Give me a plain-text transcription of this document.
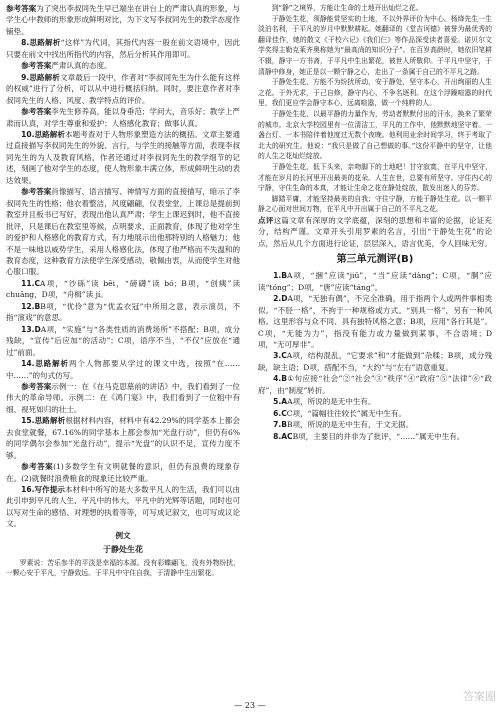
参考答案为了突出李叔同先生早已端坐在讲台上的严肃认真的形象，与学生心中教师的形象形成鲜明对比，为下文写李叔同先生的教学态度作铺垫。

8.思路解析“这样”为代词，其指代内容一般在前文语境中，因此只要在前文中找出所指代的内容，然后分析其作用即可。

参考答案严肃认真的态度。

9.思路解析文章最后一段中，作者对“李叔同先生为什么能有这样的权威”进行了分析，可以从中进行概括归纳。同时，要注意作者对李叔同先生的人格、风度、教学特点的评价。

参考答案李先生修养高，能以身垂范；学问大，音乐好；教学上严肃而认真，对学生尊重和爱护；人格感化教育；做事认真。

10.思路解析本题考查对于人物形象塑造方法的概括。文章主要通过直接描写李叔同先生的外貌、言行，与学生的接触等方面，表现李叔同先生的为人及教育风格，作者还通过对李叔同先生的教学细节的记述，刻画了他对学生的态度，使人物形象丰满立体，形成鲜明生动的表达效果。

参考答案肖像描写、语言描写、神情写方面的直接描写，暗示了李叔同先生的性格；他衣着整洁，风度翩翩，仪表堂堂，上课总是提前到教室并且板书已写好，表现出他认真严肃；学生上课迟到时，他不直接批评，只是课后在教室里等候，点明要求，正面教育，体现了他对学生的爱护和人格感化的教育方式，有力地展示出他那特别的人格魅力；他不是一味地以威势学生，采用人格感化法，体现了他严格而不失温和的教育态度，这种教育方法使学生深受感动，敬佩由衷，从而使学生对他心服口服。

11.CA项，“沙砾”读 bēi，“磅礴”读 bó；B项，“创痍”读 chuāng，D项，“舟楫”读 jí。

12.BB项，“优伶”意为“优孟衣冠”中所用之意，表示演员，不指“演戏”的意思。

13.DA项，“实施”与“各类性质的消费场所”不搭配；B项，成分残缺，“宣传”后应加“的活动”；C项，语序不当，“不仅”应放在“通过”前面。

14.思路解析两个人物都要从学过的课文中选，按照“在……中……”的句式仿写。

参考答案示例一：在《在马克思墓前的讲话》中，我们看到了一位伟大的革命导师。示例二：在《鸿门宴》中，我们看到了一位粗中有细、视死如归的壮士。

15.思路解析根据材料内容，材料中有42.29%的同学基本上都会去食堂就餐，67.16%的同学基本上都会参加“光盘行动”，但仍有6%的同学偶尔会参加“光盘行动”，提示“光盘”的认识不足，宣传力度不够。

参考答案(1)多数学生有文明就餐的意识，但仍有浪费的现象存在。(2)就餐时浪费粮食的现象还比较严重。

16.写作提示本材料中所写的是大多数平凡人的生活，我们可以由此引申到平凡的人生、平凡中的伟大，平凡中的光辉等话题，同时也可以写对生命的感悟、对理想的执着等等，可写成记叙文，也可写成议论文。

例文

于静处生花

罗素说：苦乐参半的平淡是幸福的本源。没有彩蝶翩飞，没有外物纷扰，一颗心安于平凡，宁静致远。于平凡中守住自我，于清静中生出繁花。

到“静”之境界，方能让生命的土地开出灿烂之花。

于静处生花，须静能赏坚实的土地，不以外界评价为中心。杨绛先生一生淡泊名利，于平凡的岁月中默默耕耘。她翻译的《堂吉诃德》被誉为最优秀的翻译佳作，她的散文《干校六记》《我们仨》等作品深受读者喜爱。诺贝尔文学奖得主勒克莱齐奥称她为“最高尚的知识分子”。在百岁高龄时，她依旧笔耕不辍，静守一方书斋，于平凡中生出繁花，被世人所敬仰。于平凡中坚守，于清静中修身，她正是以一颗宁静之心，走出了一条属于自己的不平凡之路。

于静处生花，方能不为纷扰所动，安于静处，坚守本心，开出绚丽的人生之花。于外无求，于己自修，静守内心，不争名逐利。在这个浮躁喧嚣的时代里，我们更应学会静守本心，远离喧嚣，做一个纯粹的人。

于静处生花，以最平静的力量作为，劳动者默默付出的汗水，换来了繁荣的城市。北京大学校园里有一位清洁工，平凡的工作中，他默默地坚守着。一盏台灯、一本书陪伴着他度过无数个夜晚。他利用业余时间学习，终于考取了北大的研究生。他说：“我只是做了自己想做的事。”这份平静中的坚守，让他的人生之花灿烂绽放。

于静处生花，低下头来，亲吻脚下的土地吧！甘守寂寞，在平凡中坚守，才能在岁月的长河里开出最美的花朵。人生在世，总要有所坚守。守住内心的宁静，守住生命的本真，才能让生命之花在静处绽放，散发出迷人的芬芳。

脚踏平庸，才能坚持最美的自我；守住宁静，方能于静处生花。以一颗平静之心面对世间万物，在平凡中开出属于自己的不平凡之花。

点评这篇文章有深厚的文学底蕴，深刻的思想和丰富的论据，论证充分，结构严谨。文章开头引用罗素的名言，引出“于静处生花”的论点，然后从几个方面进行论证，层层深入，语言优美，令人回味无穷。

第三单元测评(B)

1.BA项，“捆”应读“jiǔ”，“当”应读“dàng”；C项，“胴”应读“tóng”；D项，“唐”应读“táng”。

2.DA项，“无独有偶”，不完全准确，用于指两个人或两件事相类似。“不胫一格”，不拘于一种规格或方式。“别具一格”，另有一种风格。这里形容与众不同、具有独特风格之意；B项，应用“各行其是”。C项，“无能为力”，指没有能力或力量做到某事，不合语境；D项，“无可厚非”。

3.CA项，结构混乱，“它要求”和“才能做到”杂糅；B项，成分残缺，缺主语；D项，搭配不当，“大约”与“左右”语意重复。

4.B①句应接“社会”②“社会”③“秩序”④“政府”⑤“法律”⑥“政府”，由“制度”转折。

5.AA项，所说的是无中生有。

6.CC项，“篇幅往往较长”属无中生有。

7.BB项，所说的是无中生有，于文无据。

8.ACB项，主要目的并非为了批评，“……”属无中生有。

— 23 —
答案圈
